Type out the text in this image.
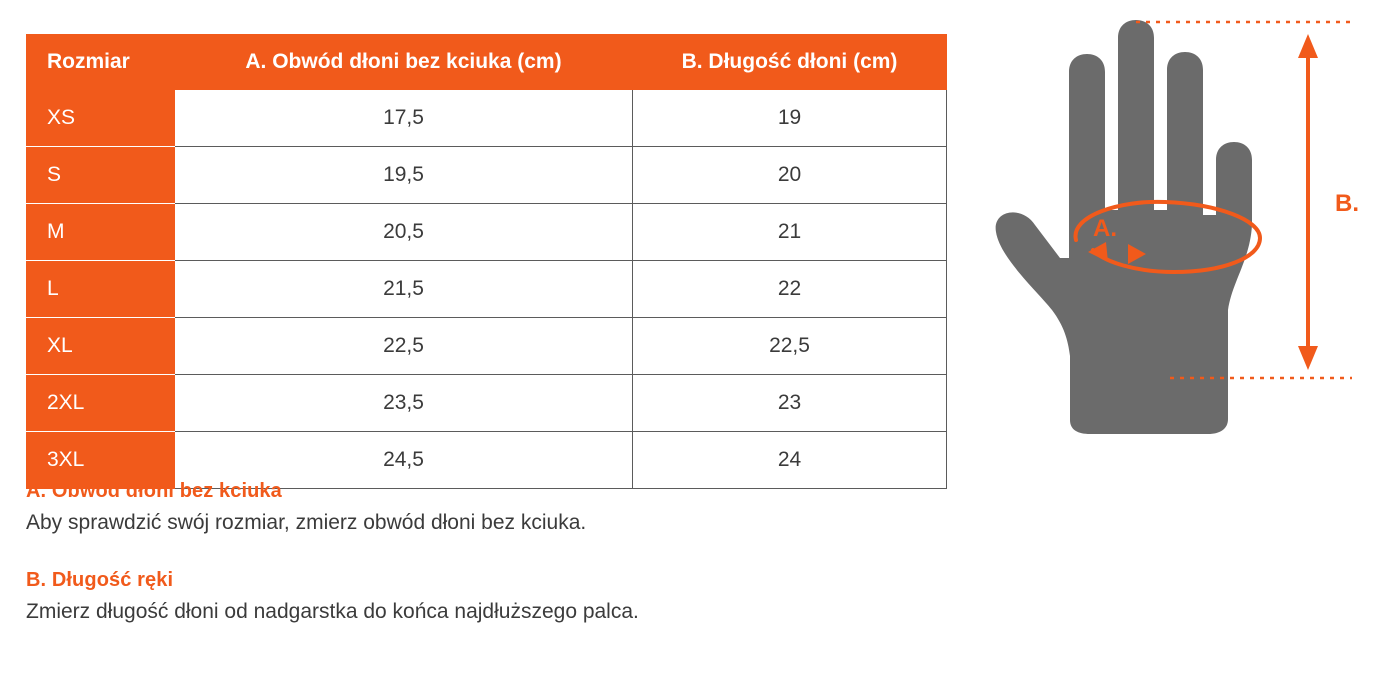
Rozmiar	A. Obwód dłoni bez kciuka (cm)	B. Długość dłoni (cm)
XS	17,5	19
S	19,5	20
M	20,5	21
L	21,5	22
XL	22,5	22,5
2XL	23,5	23
3XL	24,5	24

A. Obwód dłoni bez kciuka

Aby sprawdzić swój rozmiar, zmierz obwód dłoni bez kciuka.

B. Długość ręki

Zmierz długość dłoni od nadgarstka do końca najdłuższego palca.

A.
B.
